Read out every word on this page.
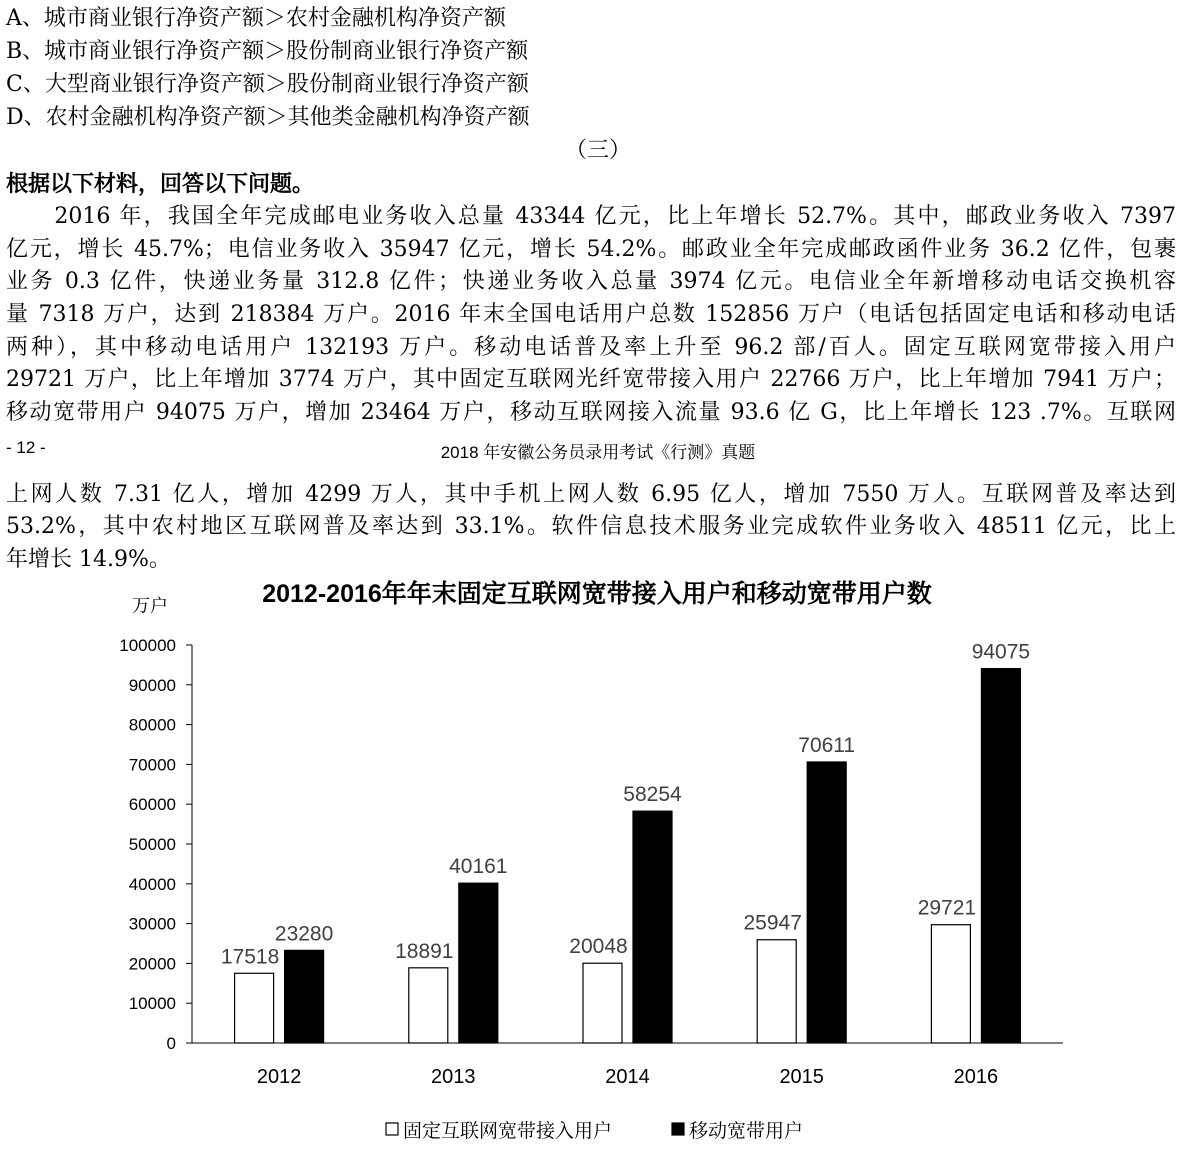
A、城市商业银行净资产额＞农村金融机构净资产额
B、城市商业银行净资产额＞股份制商业银行净资产额
C、大型商业银行净资产额＞股份制商业银行净资产额
D、农村金融机构净资产额＞其他类金融机构净资产额
（三）
根据以下材料，回答以下问题。
　　2016 年，我国全年完成邮电业务收入总量 43344 亿元，比上年增长 52.7%。其中，邮政业务收入 7397
亿元，增长 45.7%；电信业务收入 35947 亿元，增长 54.2%。邮政业全年完成邮政函件业务 36.2 亿件，包裹
业务 0.3 亿件，快递业务量 312.8 亿件；快递业务收入总量 3974 亿元。电信业全年新增移动电话交换机容
量 7318 万户，达到 218384 万户。2016 年末全国电话用户总数 152856 万户（电话包括固定电话和移动电话
两种），其中移动电话用户 132193 万户。移动电话普及率上升至 96.2 部/百人。固定互联网宽带接入用户
29721 万户，比上年增加 3774 万户，其中固定互联网光纤宽带接入用户 22766 万户，比上年增加 7941 万户；
移动宽带用户 94075 万户，增加 23464 万户，移动互联网接入流量 93.6 亿 G，比上年增长 123 .7%。互联网
- 12 -	2018 年安徽公务员录用考试《行测》真题
上网人数 7.31 亿人，增加 4299 万人，其中手机上网人数 6.95 亿人，增加 7550 万人。互联网普及率达到
53.2%，其中农村地区互联网普及率达到 33.1%。软件信息技术服务业完成软件业务收入 48511 亿元，比上
年增长 14.9%。
2012-2016年年末固定互联网宽带接入用户和移动宽带用户数
万户
0
10000
20000
30000
40000
50000
60000
70000
80000
90000
100000
17518
23280
18891
40161
20048
58254
25947
70611
29721
94075
2012	2013	2014	2015	2016
固定互联网宽带接入用户	移动宽带用户
